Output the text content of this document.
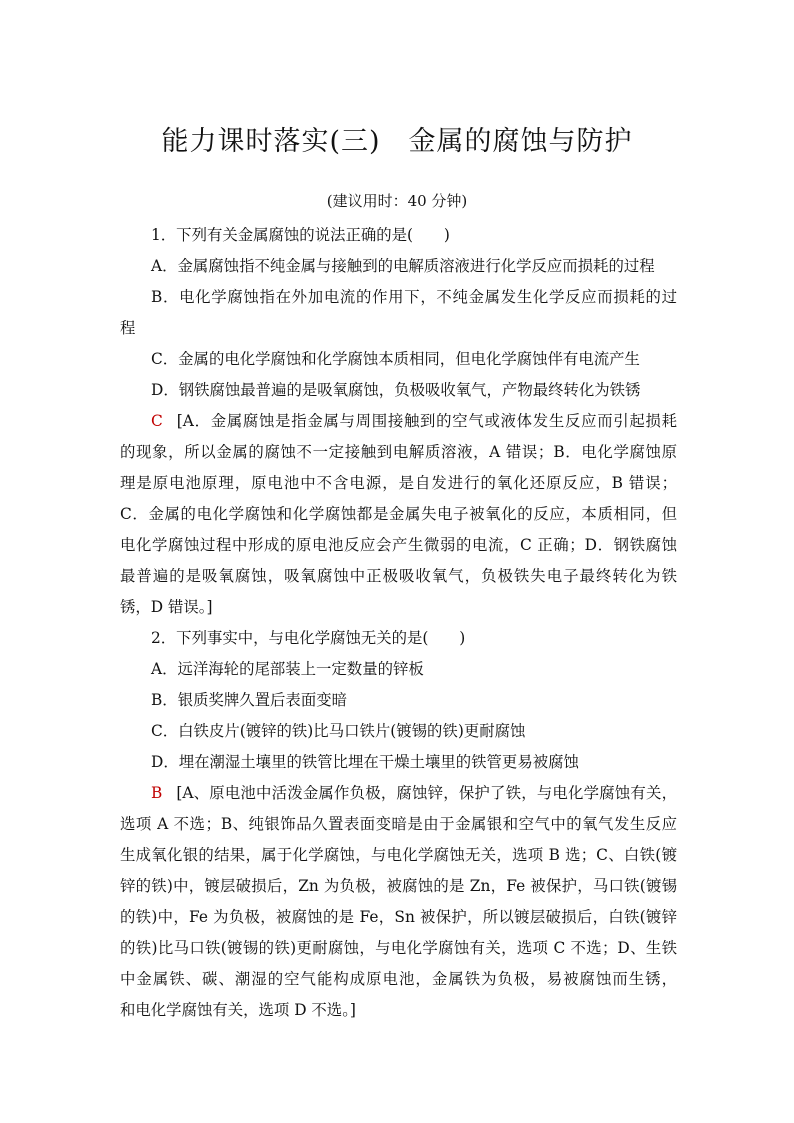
能力课时落实(三)　金属的腐蚀与防护
(建议用时：40 分钟)
1．下列有关金属腐蚀的说法正确的是(　　)
A．金属腐蚀指不纯金属与接触到的电解质溶液进行化学反应而损耗的过程
B．电化学腐蚀指在外加电流的作用下，不纯金属发生化学反应而损耗的过
程
C．金属的电化学腐蚀和化学腐蚀本质相同，但电化学腐蚀伴有电流产生
D．钢铁腐蚀最普遍的是吸氧腐蚀，负极吸收氧气，产物最终转化为铁锈
C [A．金属腐蚀是指金属与周围接触到的空气或液体发生反应而引起损耗
的现象，所以金属的腐蚀不一定接触到电解质溶液，A 错误；B．电化学腐蚀原
理是原电池原理，原电池中不含电源，是自发进行的氧化还原反应，B 错误；
C．金属的电化学腐蚀和化学腐蚀都是金属失电子被氧化的反应，本质相同，但
电化学腐蚀过程中形成的原电池反应会产生微弱的电流，C 正确；D．钢铁腐蚀
最普遍的是吸氧腐蚀，吸氧腐蚀中正极吸收氧气，负极铁失电子最终转化为铁
锈，D 错误。]
2．下列事实中，与电化学腐蚀无关的是(　　)
A．远洋海轮的尾部装上一定数量的锌板
B．银质奖牌久置后表面变暗
C．白铁皮片(镀锌的铁)比马口铁片(镀锡的铁)更耐腐蚀
D．埋在潮湿土壤里的铁管比埋在干燥土壤里的铁管更易被腐蚀
B [A、原电池中活泼金属作负极，腐蚀锌，保护了铁，与电化学腐蚀有关，
选项 A 不选；B、纯银饰品久置表面变暗是由于金属银和空气中的氧气发生反应
生成氧化银的结果，属于化学腐蚀，与电化学腐蚀无关，选项 B 选；C、白铁(镀
锌的铁)中，镀层破损后，Zn 为负极，被腐蚀的是 Zn，Fe 被保护，马口铁(镀锡
的铁)中，Fe 为负极，被腐蚀的是 Fe，Sn 被保护，所以镀层破损后，白铁(镀锌
的铁)比马口铁(镀锡的铁)更耐腐蚀，与电化学腐蚀有关，选项 C 不选；D、生铁
中金属铁、碳、潮湿的空气能构成原电池，金属铁为负极，易被腐蚀而生锈，
和电化学腐蚀有关，选项 D 不选。]
